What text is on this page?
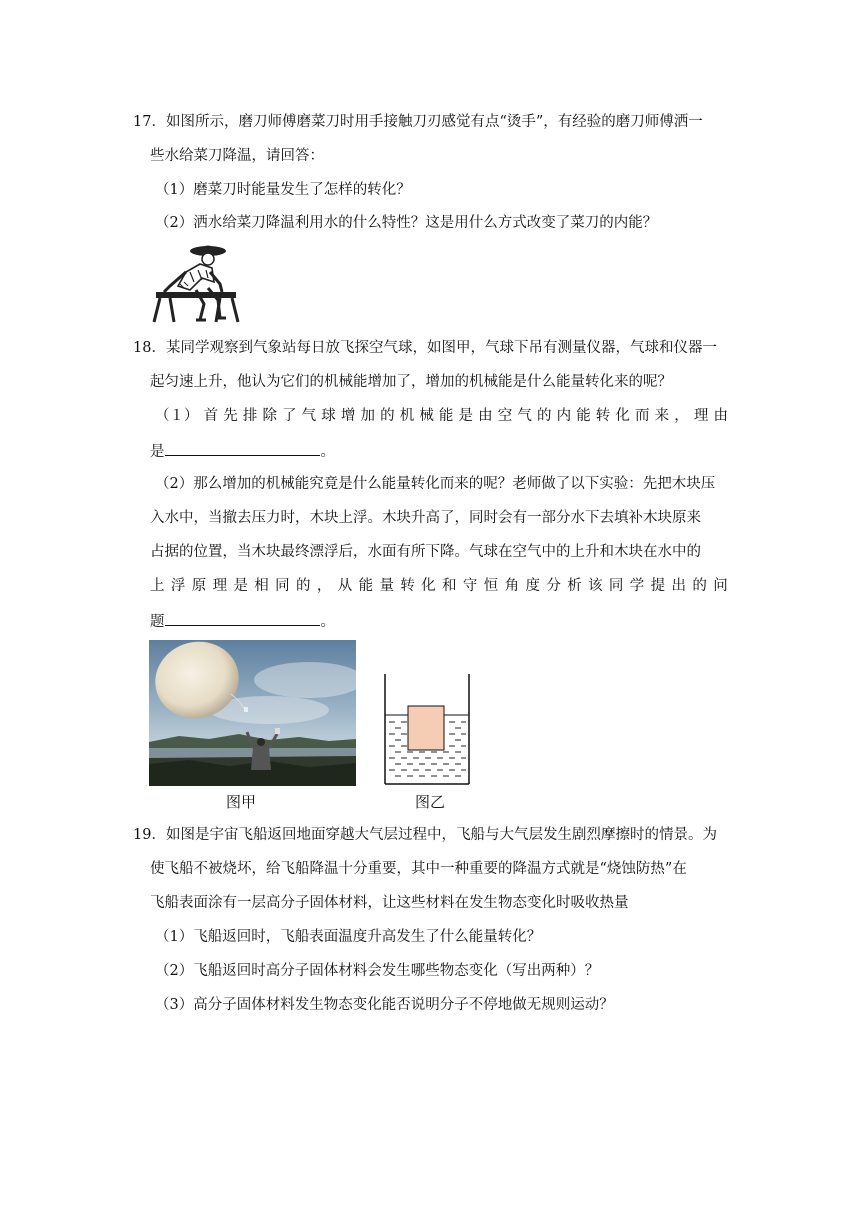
17．如图所示，磨刀师傅磨菜刀时用手接触刀刃感觉有点“烫手”，有经验的磨刀师傅洒一
些水给菜刀降温，请回答：
（1）磨菜刀时能量发生了怎样的转化？
（2）洒水给菜刀降温利用水的什么特性？这是用什么方式改变了菜刀的内能？
18．某同学观察到气象站每日放飞探空气球，如图甲，气球下吊有测量仪器，气球和仪器一
起匀速上升，他认为它们的机械能增加了，增加的机械能是什么能量转化来的呢？
（１） 首 先 排 除 了 气 球 增 加 的 机 械 能 是 由 空 气 的 内 能 转 化 而 来 ， 理 由
是	。
（2）那么增加的机械能究竟是什么能量转化而来的呢？老师做了以下实验：先把木块压
入水中，当撤去压力时，木块上浮。木块升高了，同时会有一部分水下去填补木块原来
占据的位置，当木块最终漂浮后，水面有所下降。气球在空气中的上升和木块在水中的
上 浮 原 理 是 相 同 的 ， 从 能 量 转 化 和 守 恒 角 度 分 析 该 同 学 提 出 的 问
题	。
图甲	图乙
19．如图是宇宙飞船返回地面穿越大气层过程中，飞船与大气层发生剧烈摩擦时的情景。为
使飞船不被烧坏，给飞船降温十分重要，其中一种重要的降温方式就是“烧蚀防热”在
飞船表面涂有一层高分子固体材料，让这些材料在发生物态变化时吸收热量
（1）飞船返回时，飞船表面温度升高发生了什么能量转化？
（2）飞船返回时高分子固体材料会发生哪些物态变化（写出两种）？
（3）高分子固体材料发生物态变化能否说明分子不停地做无规则运动？
